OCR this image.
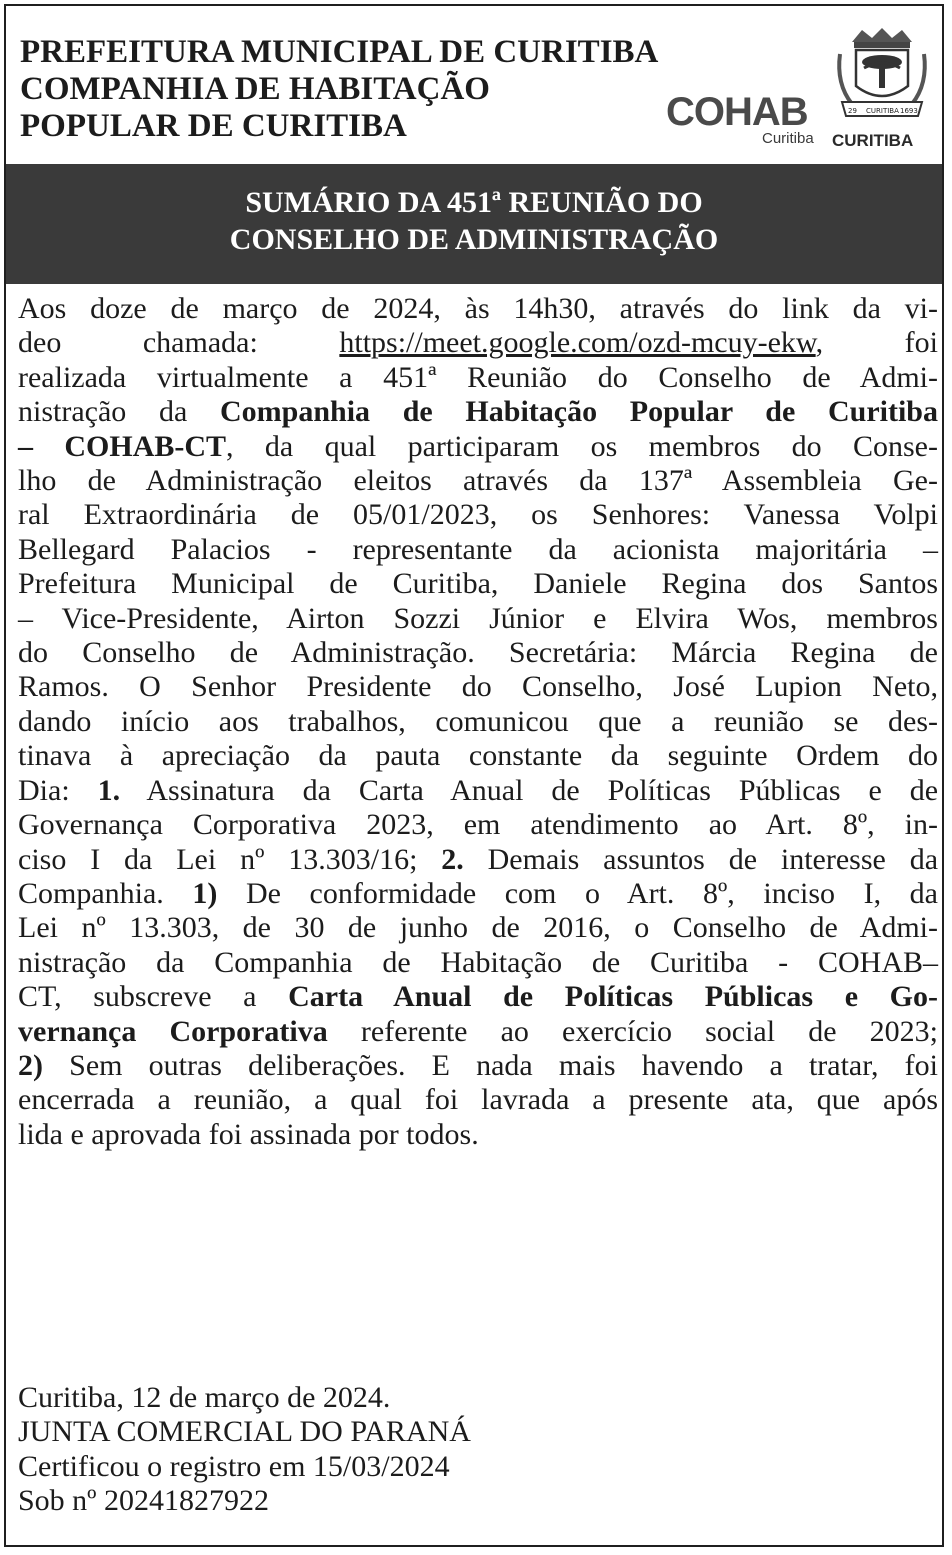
PREFEITURA MUNICIPAL DE CURITIBA
COMPANHIA DE HABITAÇÃO
POPULAR DE CURITIBA	COHAB
Curitiba
29 CURITIBA 1693
CURITIBA
SUMÁRIO DA 451ª REUNIÃO DO
CONSELHO DE ADMINISTRAÇÃO
Aos doze de março de 2024, às 14h30, através do link da vi-
deo chamada: https://meet.google.com/ozd-mcuy-ekw, foi
realizada virtualmente a 451ª Reunião do Conselho de Admi-
nistração da Companhia de Habitação Popular de Curitiba
– COHAB-CT, da qual participaram os membros do Conse-
lho de Administração eleitos através da 137ª Assembleia Ge-
ral Extraordinária de 05/01/2023, os Senhores: Vanessa Volpi
Bellegard Palacios - representante da acionista majoritária –
Prefeitura Municipal de Curitiba, Daniele Regina dos Santos
– Vice-Presidente, Airton Sozzi Júnior e Elvira Wos, membros
do Conselho de Administração. Secretária: Márcia Regina de
Ramos. O Senhor Presidente do Conselho, José Lupion Neto,
dando início aos trabalhos, comunicou que a reunião se des-
tinava à apreciação da pauta constante da seguinte Ordem do
Dia: 1. Assinatura da Carta Anual de Políticas Públicas e de
Governança Corporativa 2023, em atendimento ao Art. 8º, in-
ciso I da Lei nº 13.303/16; 2. Demais assuntos de interesse da
Companhia. 1) De conformidade com o Art. 8º, inciso I, da
Lei nº 13.303, de 30 de junho de 2016, o Conselho de Admi-
nistração da Companhia de Habitação de Curitiba - COHAB–
CT, subscreve a Carta Anual de Políticas Públicas e Go-
vernança Corporativa referente ao exercício social de 2023;
2) Sem outras deliberações. E nada mais havendo a tratar, foi
encerrada a reunião, a qual foi lavrada a presente ata, que após
lida e aprovada foi assinada por todos.
Curitiba, 12 de março de 2024.
JUNTA COMERCIAL DO PARANÁ
Certificou o registro em 15/03/2024
Sob nº 20241827922
